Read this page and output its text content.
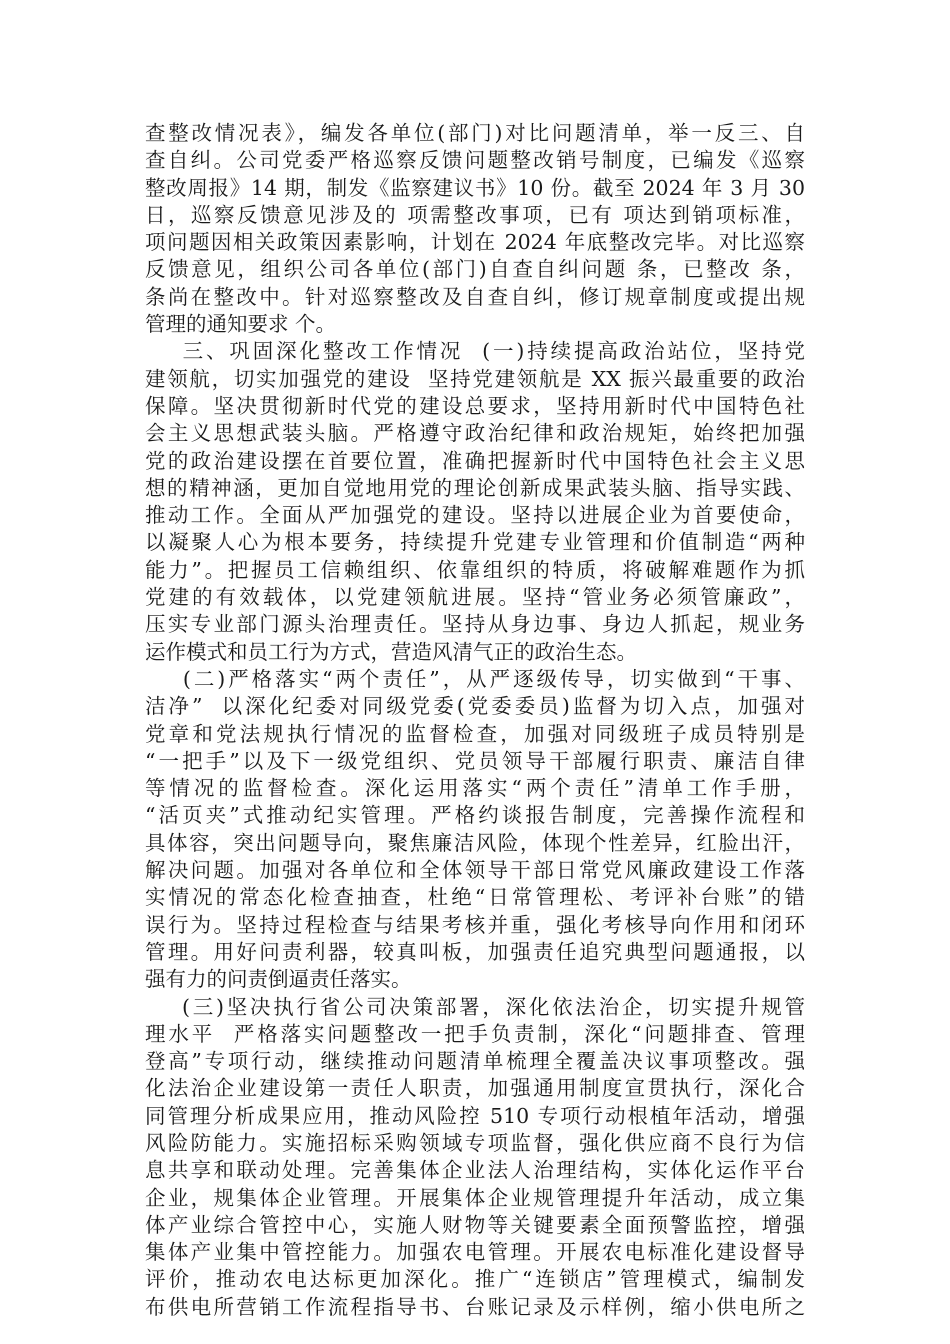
查整改情况表》，编发各单位(部门)对比问题清单，举一反三、自
查自纠。公司党委严格巡察反馈问题整改销号制度，已编发《巡察
整改周报》14 期，制发《监察建议书》10 份。截至 2024 年 3 月 30
日，巡察反馈意见涉及的 项需整改事项，已有 项达到销项标准，
项问题因相关政策因素影响，计划在 2024 年底整改完毕。对比巡察
反馈意见，组织公司各单位(部门)自查自纠问题 条，已整改 条，
条尚在整改中。针对巡察整改及自查自纠，修订规章制度或提出规
管理的通知要求 个。
三、巩固深化整改工作情况  (一)持续提高政治站位，坚持党
建领航，切实加强党的建设  坚持党建领航是 XX 振兴最重要的政治
保障。坚决贯彻新时代党的建设总要求，坚持用新时代中国特色社
会主义思想武装头脑。严格遵守政治纪律和政治规矩，始终把加强
党的政治建设摆在首要位置，准确把握新时代中国特色社会主义思
想的精神涵，更加自觉地用党的理论创新成果武装头脑、指导实践、
推动工作。全面从严加强党的建设。坚持以进展企业为首要使命，
以凝聚人心为根本要务，持续提升党建专业管理和价值制造“两种
能力”。把握员工信赖组织、依靠组织的特质，将破解难题作为抓
党建的有效载体，以党建领航进展。坚持“管业务必须管廉政”，
压实专业部门源头治理责任。坚持从身边事、身边人抓起，规业务
运作模式和员工行为方式，营造风清气正的政治生态。
(二)严格落实“两个责任”，从严逐级传导，切实做到“干事、
洁净”  以深化纪委对同级党委(党委委员)监督为切入点，加强对
党章和党法规执行情况的监督检查，加强对同级班子成员特别是
“一把手”以及下一级党组织、党员领导干部履行职责、廉洁自律
等情况的监督检查。深化运用落实“两个责任”清单工作手册，
“活页夹”式推动纪实管理。严格约谈报告制度，完善操作流程和
具体容，突出问题导向，聚焦廉洁风险，体现个性差异，红脸出汗，
解决问题。加强对各单位和全体领导干部日常党风廉政建设工作落
实情况的常态化检查抽查，杜绝“日常管理松、考评补台账”的错
误行为。坚持过程检查与结果考核并重，强化考核导向作用和闭环
管理。用好问责利器，较真叫板，加强责任追究典型问题通报，以
强有力的问责倒逼责任落实。
(三)坚决执行省公司决策部署，深化依法治企，切实提升规管
理水平  严格落实问题整改一把手负责制，深化“问题排查、管理
登高”专项行动，继续推动问题清单梳理全覆盖决议事项整改。强
化法治企业建设第一责任人职责，加强通用制度宣贯执行，深化合
同管理分析成果应用，推动风险控 510 专项行动根植年活动，增强
风险防能力。实施招标采购领域专项监督，强化供应商不良行为信
息共享和联动处理。完善集体企业法人治理结构，实体化运作平台
企业，规集体企业管理。开展集体企业规管理提升年活动，成立集
体产业综合管控中心，实施人财物等关键要素全面预警监控，增强
集体产业集中管控能力。加强农电管理。开展农电标准化建设督导
评价，推动农电达标更加深化。推广“连锁店”管理模式，编制发
布供电所营销工作流程指导书、台账记录及示样例，缩小供电所之
